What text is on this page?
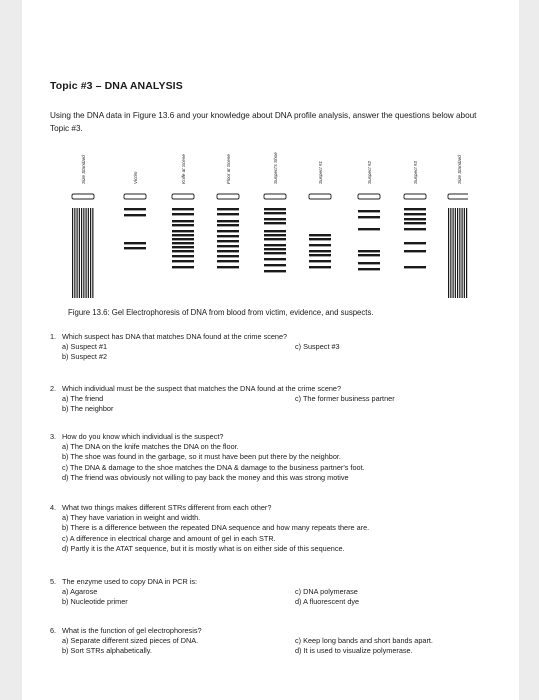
Topic #3 – DNA ANALYSIS
Using the DNA data in Figure 13.6 and your knowledge about DNA profile analysis, answer the questions below about Topic #3.
Size Standard	Victim	Knife at Scene	Floor at Scene	Suspect's Shoe	Suspect #1	Suspect #2	Suspect #3	Size Standard
Figure 13.6: Gel Electrophoresis of DNA from blood from victim, evidence, and suspects.
1. Which suspect has DNA that matches DNA found at the crime scene?
a) Suspect #1	c) Suspect #3
b) Suspect #2
2. Which individual must be the suspect that matches the DNA found at the crime scene?
a) The friend	c) The former business partner
b) The neighbor
3. How do you know which individual is the suspect?
a) The DNA on the knife matches the DNA on the floor.
b) The shoe was found in the garbage, so it must have been put there by the neighbor.
c) The DNA & damage to the shoe matches the DNA & damage to the business partner's foot.
d) The friend was obviously not willing to pay back the money and this was strong motive
4. What two things makes different STRs different from each other?
a) They have variation in weight and width.
b) There is a difference between the repeated DNA sequence and how many repeats there are.
c) A difference in electrical charge and amount of gel in each STR.
d) Partly it is the ATAT sequence, but it is mostly what is on either side of this sequence.
5. The enzyme used to copy DNA in PCR is:
a) Agarose	c) DNA polymerase
b) Nucleotide primer	d) A fluorescent dye
6. What is the function of gel electrophoresis?
a) Separate different sized pieces of DNA.	c) Keep long bands and short bands apart.
b) Sort STRs alphabetically.	d) It is used to visualize polymerase.
